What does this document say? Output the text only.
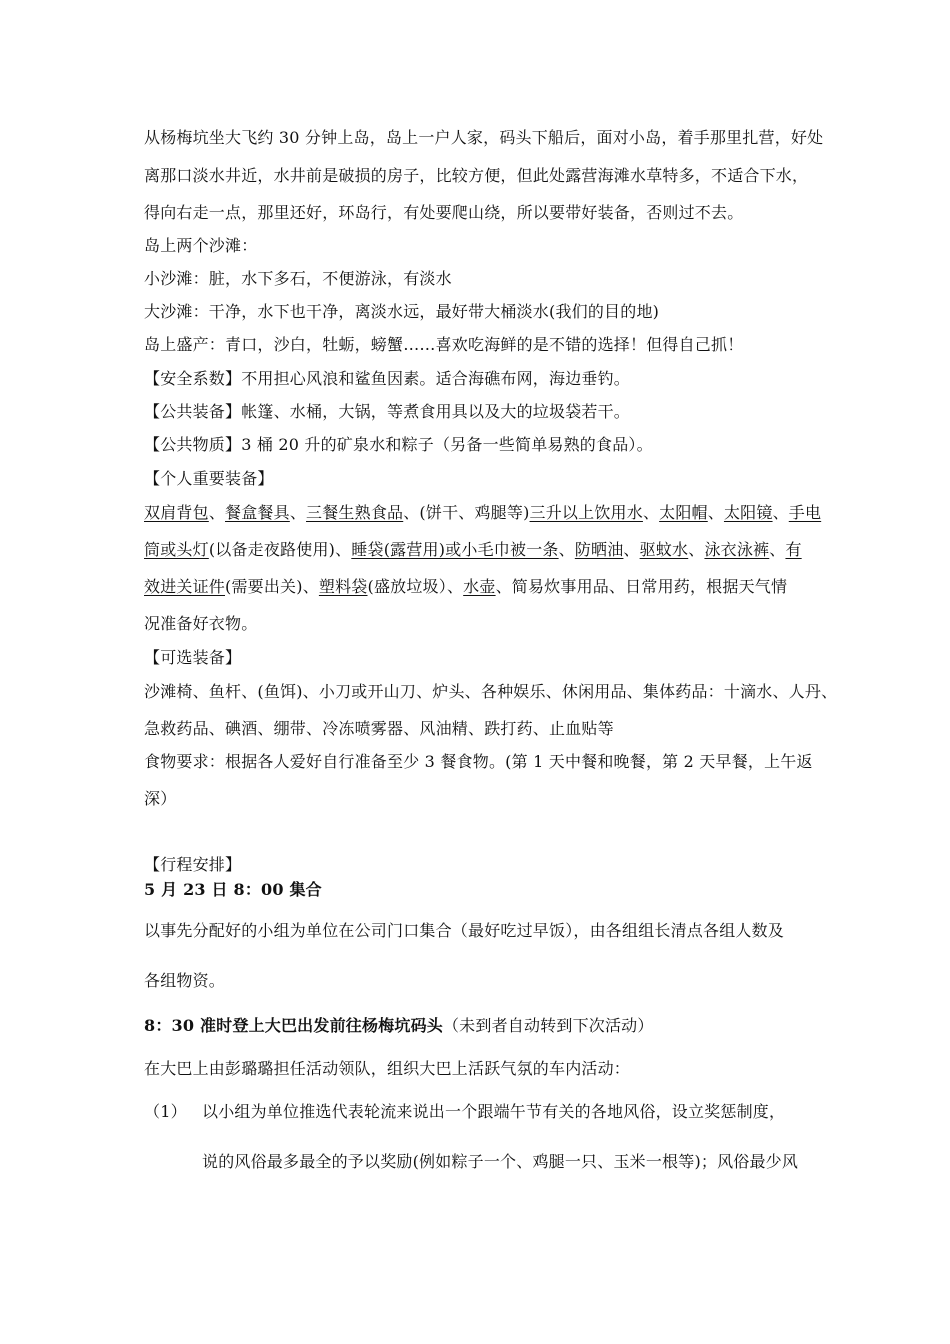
从杨梅坑坐大飞约 30 分钟上岛，岛上一户人家，码头下船后，面对小岛，着手那里扎营，好处
离那口淡水井近，水井前是破损的房子，比较方便，但此处露营海滩水草特多，不适合下水，
得向右走一点，那里还好，环岛行，有处要爬山绕，所以要带好装备，否则过不去。
岛上两个沙滩：
小沙滩：脏，水下多石，不便游泳，有淡水
大沙滩：干净，水下也干净，离淡水远，最好带大桶淡水(我们的目的地)
岛上盛产：青口，沙白，牡蛎，螃蟹……喜欢吃海鲜的是不错的选择！但得自己抓！
【安全系数】不用担心风浪和鲨鱼因素。适合海礁布网，海边垂钓。
【公共装备】帐篷、水桶，大锅，等煮食用具以及大的垃圾袋若干。
【公共物质】3 桶 20 升的矿泉水和粽子（另备一些简单易熟的食品）。
【个人重要装备】
双肩背包、餐盒餐具、三餐生熟食品、(饼干、鸡腿等)三升以上饮用水、太阳帽、太阳镜、手电
筒或头灯(以备走夜路使用)、睡袋(露营用)或小毛巾被一条、防晒油、驱蚊水、泳衣泳裤、有
效进关证件(需要出关)、塑料袋(盛放垃圾）、水壶、简易炊事用品、日常用药，根据天气情
况准备好衣物。
【可选装备】
沙滩椅、鱼杆、(鱼饵)、小刀或开山刀、炉头、各种娱乐、休闲用品、集体药品：十滴水、人丹、
急救药品、碘酒、绷带、冷冻喷雾器、风油精、跌打药、止血贴等
食物要求：根据各人爱好自行准备至少 3 餐食物。(第 1 天中餐和晚餐，第 2 天早餐，上午返
深）
【行程安排】
5 月 23 日 8：00 集合
以事先分配好的小组为单位在公司门口集合（最好吃过早饭），由各组组长清点各组人数及
各组物资。
8：30 准时登上大巴出发前往杨梅坑码头（未到者自动转到下次活动）
在大巴上由彭璐璐担任活动领队，组织大巴上活跃气氛的车内活动：
（1） 以小组为单位推选代表轮流来说出一个跟端午节有关的各地风俗，设立奖惩制度，
说的风俗最多最全的予以奖励(例如粽子一个、鸡腿一只、玉米一根等)；风俗最少风
